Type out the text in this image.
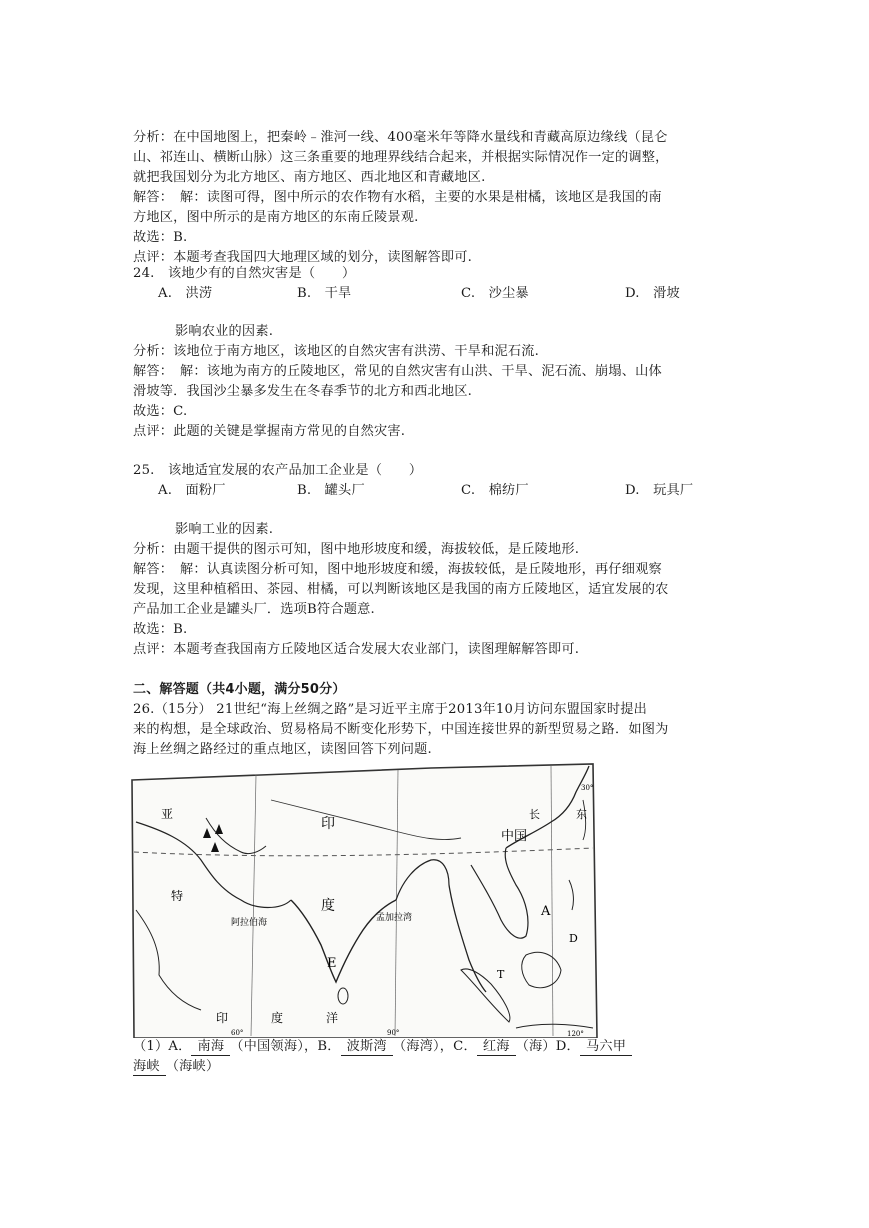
分析：在中国地图上，把秦岭﹣淮河一线、400毫米年等降水量线和青藏高原边缘线（昆仑
山、祁连山、横断山脉）这三条重要的地理界线结合起来，并根据实际情况作一定的调整，
就把我国划分为北方地区、南方地区、西北地区和青藏地区.
解答：　解：读图可得，图中所示的农作物有水稻，主要的水果是柑橘，该地区是我国的南
方地区，图中所示的是南方地区的东南丘陵景观.
故选：B.
点评：本题考查我国四大地理区域的划分，读图解答即可.
24.　该地少有的自然灾害是（　　）
A.　洪涝	B.　干旱	C.　沙尘暴	D.　滑坡
影响农业的因素.
分析：该地位于南方地区，该地区的自然灾害有洪涝、干旱和泥石流.
解答：　解：该地为南方的丘陵地区，常见的自然灾害有山洪、干旱、泥石流、崩塌、山体
滑坡等．我国沙尘暴多发生在冬春季节的北方和西北地区.
故选：C.
点评：此题的关键是掌握南方常见的自然灾害.
25.　该地适宜发展的农产品加工企业是（　　）
A.　面粉厂	B.　罐头厂	C.　棉纺厂	D.　玩具厂
影响工业的因素.
分析：由题干提供的图示可知，图中地形坡度和缓，海拔较低，是丘陵地形.
解答：　解：认真读图分析可知，图中地形坡度和缓，海拔较低，是丘陵地形，再仔细观察
发现，这里种植稻田、茶园、柑橘，可以判断该地区是我国的南方丘陵地区，适宜发展的农
产品加工企业是罐头厂．选项B符合题意.
故选：B.
点评：本题考查我国南方丘陵地区适合发展大农业部门，读图理解解答即可.
二、解答题（共4小题，满分50分）
26.（15分） 21世纪“海上丝绸之路”是习近平主席于2013年10月访问东盟国家时提出
来的构想，是全球政治、贸易格局不断变化形势下，中国连接世界的新型贸易之路．如图为
海上丝绸之路经过的重点地区，读图回答下列问题.
亚
特
印
度
阿拉伯海	孟加拉湾
中国
长	东
A
E
D
T
印	度	洋
60°	90°	120°
30°
（1）A． 南海 （中国领海），B． 波斯湾 （海湾），C． 红海 （海）D． 马六甲
海峡 （海峡）
